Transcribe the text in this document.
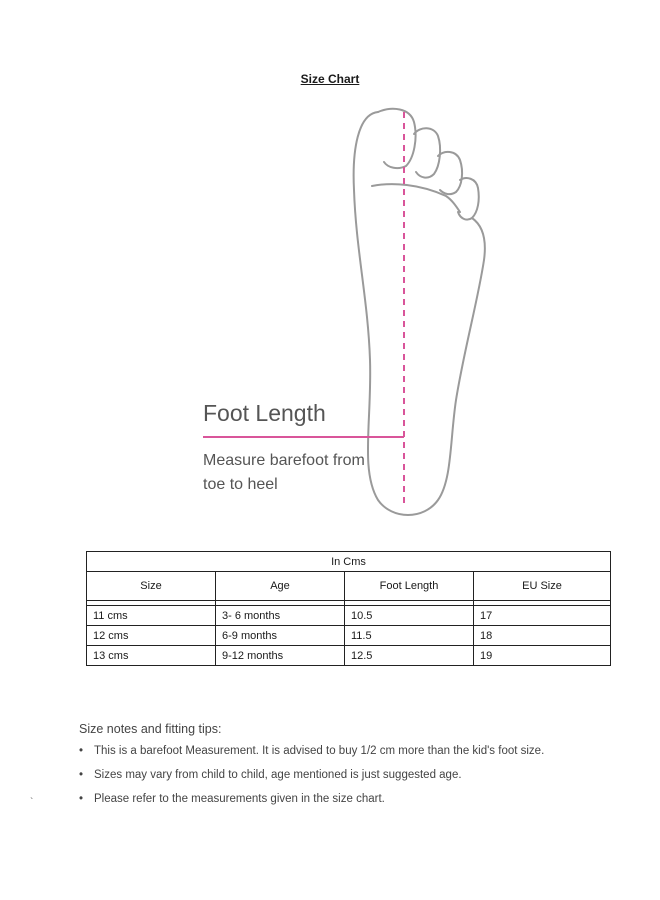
Size Chart
Foot Length
Measure barefoot from
toe to heel
In Cms			
Size	Age	Foot Length	EU Size

11 cms	3- 6 months	10.5	17
12 cms	6-9 months	11.5	18
13 cms	9-12 months	12.5	19
Size notes and fitting tips:
• This is a barefoot Measurement. It is advised to buy 1/2 cm more than the kid's foot size.
• Sizes may vary from child to child, age mentioned is just suggested age.
• Please refer to the measurements given in the size chart.
`
